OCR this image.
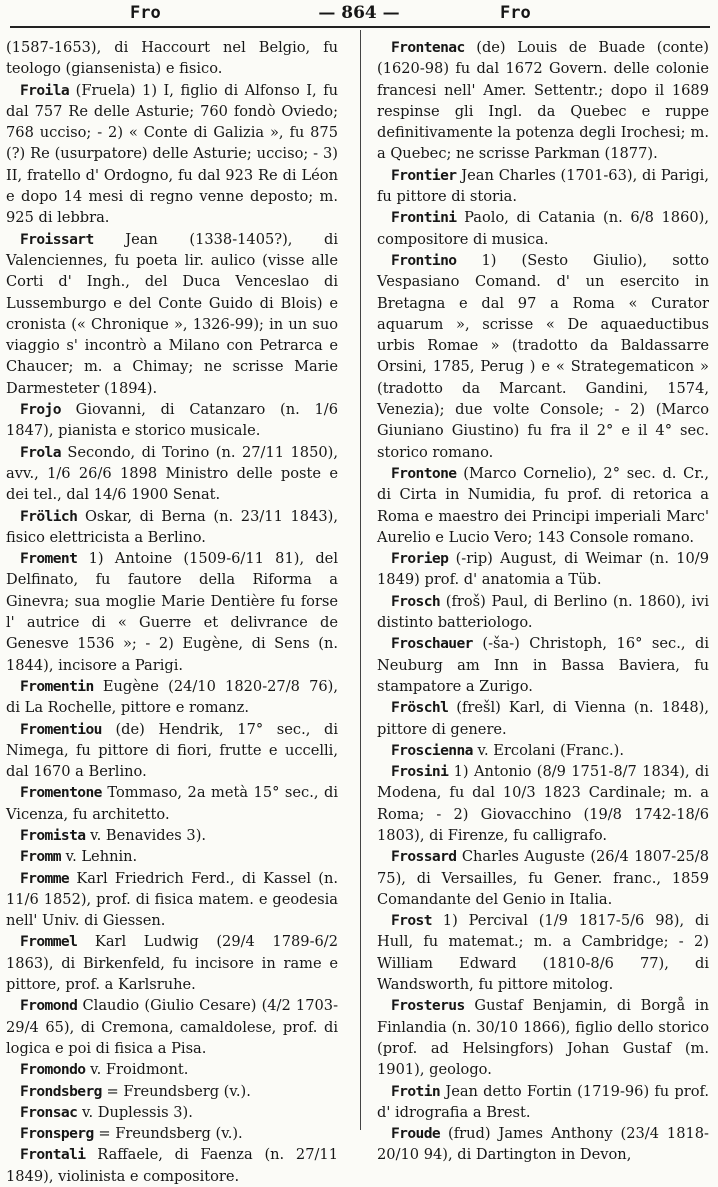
Fro	— 864 —	Fro

(1587-1653), di Haccourt nel Belgio, fu teologo (giansenista) e fisico.

Froila (Fruela) 1) I, figlio di Alfonso I, fu dal 757 Re delle Asturie; 760 fondò Oviedo; 768 ucciso; - 2) « Conte di Galizia », fu 875 (?) Re (usurpatore) delle Asturie; ucciso; - 3) II, fratello d' Ordogno, fu dal 923 Re di Léon e dopo 14 mesi di regno venne deposto; m. 925 di lebbra.

Froissart Jean (1338-1405?), di Valenciennes, fu poeta lir. aulico (visse alle Corti d' Ingh., del Duca Venceslao di Lussemburgo e del Conte Guido di Blois) e cronista (« Chronique », 1326-99); in un suo viaggio s' incontrò a Milano con Petrarca e Chaucer; m. a Chimay; ne scrisse Marie Darmesteter (1894).

Frojo Giovanni, di Catanzaro (n. 1/6 1847), pianista e storico musicale.

Frola Secondo, di Torino (n. 27/11 1850), avv., 1/6 26/6 1898 Ministro delle poste e dei tel., dal 14/6 1900 Senat.

Frölich Oskar, di Berna (n. 23/11 1843), fisico elettricista a Berlino.

Froment 1) Antoine (1509-6/11 81), del Delfinato, fu fautore della Riforma a Ginevra; sua moglie Marie Dentière fu forse l' autrice di « Guerre et delivrance de Genesve 1536 »; - 2) Eugène, di Sens (n. 1844), incisore a Parigi.

Fromentin Eugène (24/10 1820-27/8 76), di La Rochelle, pittore e romanz.

Fromentiou (de) Hendrik, 17° sec., di Nimega, fu pittore di fiori, frutte e uccelli, dal 1670 a Berlino.

Fromentone Tommaso, 2a metà 15° sec., di Vicenza, fu architetto.

Fromista v. Benavides 3).

Fromm v. Lehnin.

Fromme Karl Friedrich Ferd., di Kassel (n. 11/6 1852), prof. di fisica matem. e geodesia nell' Univ. di Giessen.

Frommel Karl Ludwig (29/4 1789-6/2 1863), di Birkenfeld, fu incisore in rame e pittore, prof. a Karlsruhe.

Fromond Claudio (Giulio Cesare) (4/2 1703-29/4 65), di Cremona, camaldolese, prof. di logica e poi di fisica a Pisa.

Fromondo v. Froidmont.

Frondsberg = Freundsberg (v.).

Fronsac v. Duplessis 3).

Fronsperg = Freundsberg (v.).

Frontali Raffaele, di Faenza (n. 27/11 1849), violinista e compositore.

Frontenac (de) Louis de Buade (conte) (1620-98) fu dal 1672 Govern. delle colonie francesi nell' Amer. Settentr.; dopo il 1689 respinse gli Ingl. da Quebec e ruppe definitivamente la potenza degli Irochesi; m. a Quebec; ne scrisse Parkman (1877).

Frontier Jean Charles (1701-63), di Parigi, fu pittore di storia.

Frontini Paolo, di Catania (n. 6/8 1860), compositore di musica.

Frontino 1) (Sesto Giulio), sotto Vespasiano Comand. d' un esercito in Bretagna e dal 97 a Roma « Curator aquarum », scrisse « De aquaeductibus urbis Romae » (tradotto da Baldassarre Orsini, 1785, Perug ) e « Strategematicon » (tradotto da Marcant. Gandini, 1574, Venezia); due volte Console; - 2) (Marco Giuniano Giustino) fu fra il 2° e il 4° sec. storico romano.

Frontone (Marco Cornelio), 2° sec. d. Cr., di Cirta in Numidia, fu prof. di retorica a Roma e maestro dei Principi imperiali Marc' Aurelio e Lucio Vero; 143 Console romano.

Froriep (-rip) August, di Weimar (n. 10/9 1849) prof. d' anatomia a Tüb.

Frosch (froš) Paul, di Berlino (n. 1860), ivi distinto batteriologo.

Froschauer (-ša-) Christoph, 16° sec., di Neuburg am Inn in Bassa Baviera, fu stampatore a Zurigo.

Fröschl (frešl) Karl, di Vienna (n. 1848), pittore di genere.

Froscienna v. Ercolani (Franc.).

Frosini 1) Antonio (8/9 1751-8/7 1834), di Modena, fu dal 10/3 1823 Cardinale; m. a Roma; - 2) Giovacchino (19/8 1742-18/6 1803), di Firenze, fu calligrafo.

Frossard Charles Auguste (26/4 1807-25/8 75), di Versailles, fu Gener. franc., 1859 Comandante del Genio in Italia.

Frost 1) Percival (1/9 1817-5/6 98), di Hull, fu matemat.; m. a Cambridge; - 2) William Edward (1810-8/6 77), di Wandsworth, fu pittore mitolog.

Frosterus Gustaf Benjamin, di Borgå in Finlandia (n. 30/10 1866), figlio dello storico (prof. ad Helsingfors) Johan Gustaf (m. 1901), geologo.

Frotin Jean detto Fortin (1719-96) fu prof. d' idrografia a Brest.

Froude (frud) James Anthony (23/4 1818-20/10 94), di Dartington in Devon,
